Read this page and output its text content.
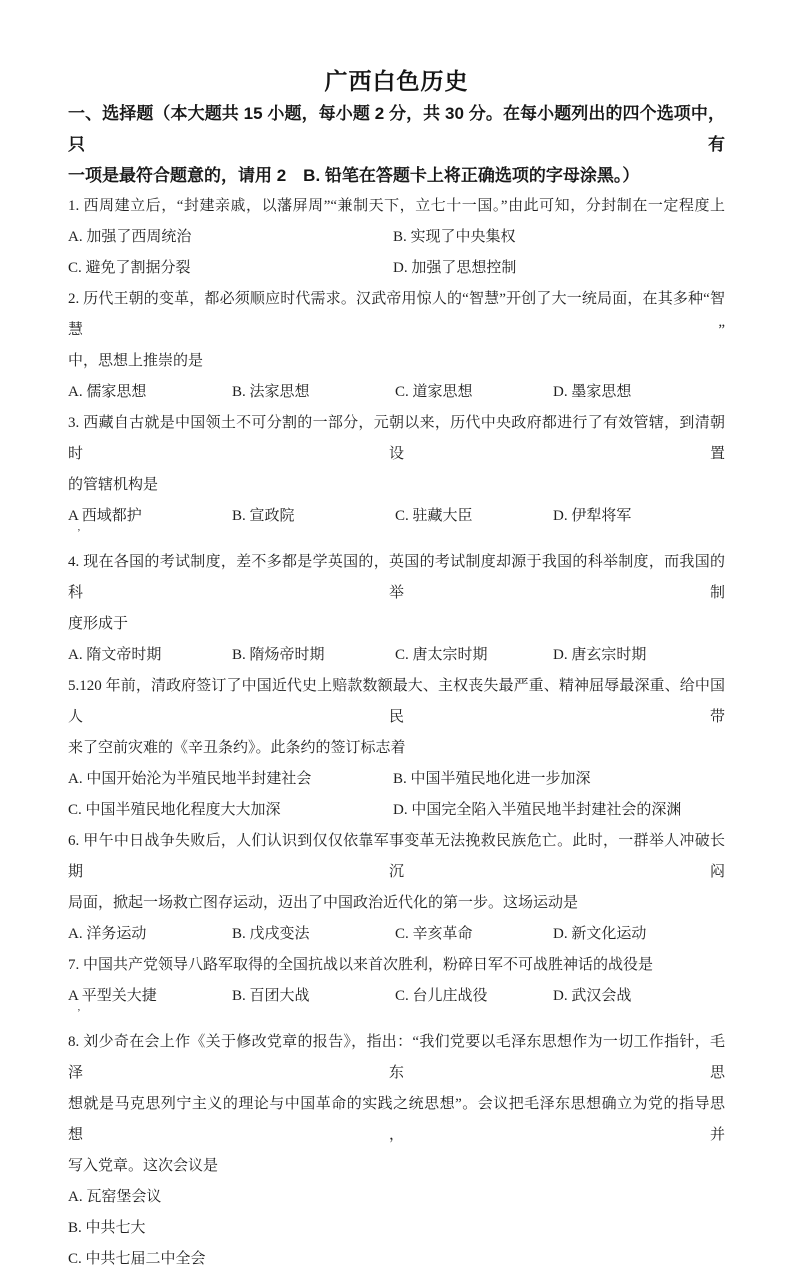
广西白色历史
一、选择题（本大题共 15 小题，每小题 2 分，共 30 分。在每小题列出的四个选项中，只有
一项是最符合题意的，请用 2　B. 铅笔在答题卡上将正确选项的字母涂黑。）
1. 西周建立后，“封建亲戚，以藩屏周”“兼制天下，立七十一国。”由此可知，分封制在一定程度上
A. 加强了西周统治	B. 实现了中央集权
C. 避免了割据分裂	D. 加强了思想控制
2. 历代王朝的变革，都必须顺应时代需求。汉武帝用惊人的“智慧”开创了大一统局面，在其多种“智慧”
中，思想上推崇的是
A. 儒家思想	B. 法家思想	C. 道家思想	D. 墨家思想
3. 西藏自古就是中国领土不可分割的一部分，元朝以来，历代中央政府都进行了有效管辖，到清朝时设置
的管辖机构是
A 西域都护	B. 宣政院	C. 驻藏大臣	D. 伊犁将军
’
4. 现在各国的考试制度，差不多都是学英国的，英国的考试制度却源于我国的科举制度，而我国的科举制
度形成于
A. 隋文帝时期	B. 隋炀帝时期	C. 唐太宗时期	D. 唐玄宗时期
5.120 年前，清政府签订了中国近代史上赔款数额最大、主权丧失最严重、精神屈辱最深重、给中国人民带
来了空前灾难的《辛丑条约》。此条约的签订标志着
A. 中国开始沦为半殖民地半封建社会	B. 中国半殖民地化进一步加深
C. 中国半殖民地化程度大大加深	D. 中国完全陷入半殖民地半封建社会的深渊
6. 甲午中日战争失败后，人们认识到仅仅依靠军事变革无法挽救民族危亡。此时，一群举人冲破长期沉闷
局面，掀起一场救亡图存运动，迈出了中国政治近代化的第一步。这场运动是
A. 洋务运动	B. 戊戌变法	C. 辛亥革命	D. 新文化运动
7. 中国共产党领导八路军取得的全国抗战以来首次胜利，粉碎日军不可战胜神话的战役是
A 平型关大捷	B. 百团大战	C. 台儿庄战役	D. 武汉会战
’
8. 刘少奇在会上作《关于修改党章的报告》，指出：“我们党要以毛泽东思想作为一切工作指针，毛泽东思
想就是马克思列宁主义的理论与中国革命的实践之统思想”。会议把毛泽东思想确立为党的指导思想，并
写入党章。这次会议是
A. 瓦窑堡会议
B. 中共七大
C. 中共七届二中全会
